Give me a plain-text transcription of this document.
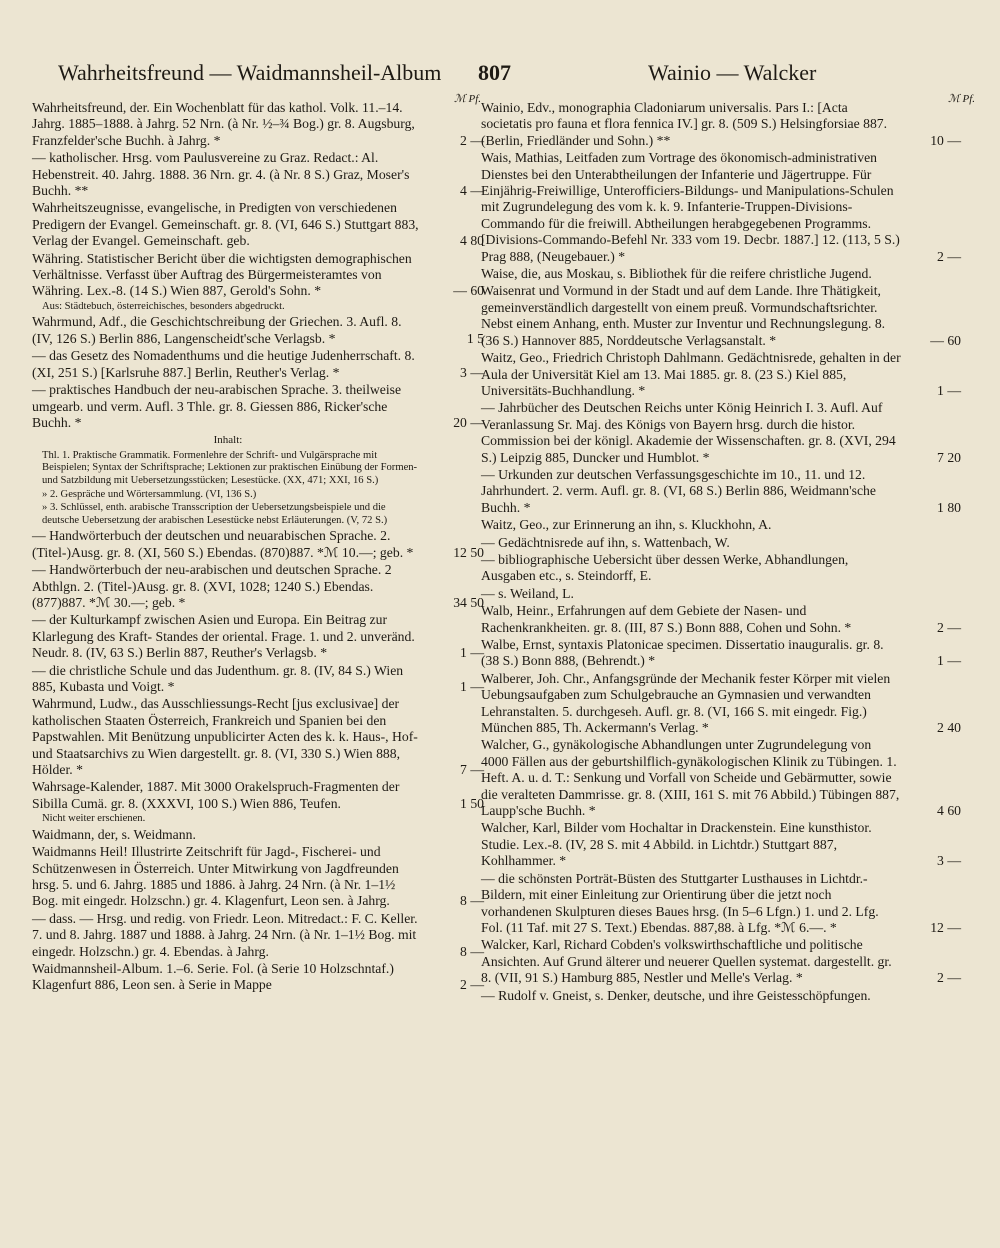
Wahrheitsfreund — Waidmannsheil-Album 807	Wainio — Walcker
ℳ Pf.	ℳ Pf.
Wahrheitsfreund, der. Ein Wochenblatt für das kathol. Volk. 11.–14. Jahrg. 1885–1888. à Jahrg. 52 Nrn. (à Nr. ½–¾ Bog.) gr. 8. Augsburg, Franzfelder'sche Buchh. à Jahrg. *	2 —
— katholischer. Hrsg. vom Paulusvereine zu Graz. Redact.: Al. Hebenstreit. 40. Jahrg. 1888. 36 Nrn. gr. 4. (à Nr. 8 S.) Graz, Moser's Buchh. **	4 —
Wahrheitszeugnisse, evangelische, in Predigten von verschiedenen Predigern der Evangel. Gemeinschaft. gr. 8. (VI, 646 S.) Stuttgart 883, Verlag der Evangel. Gemeinschaft. geb.	4 80
Währing. Statistischer Bericht über die wichtigsten demographischen Verhältnisse. Verfasst über Auftrag des Bürgermeisteramtes von Währing. Lex.-8. (14 S.) Wien 887, Gerold's Sohn. *	— 60
Aus: Städtebuch, österreichisches, besonders abgedruckt.
Wahrmund, Adf., die Geschichtschreibung der Griechen. 3. Aufl. 8. (IV, 126 S.) Berlin 886, Langenscheidt'sche Verlagsb. *	1 5
— das Gesetz des Nomadenthums und die heutige Judenherrschaft. 8. (XI, 251 S.) [Karlsruhe 887.] Berlin, Reuther's Verlag. *	3 —
— praktisches Handbuch der neu-arabischen Sprache. 3. theilweise umgearb. und verm. Aufl. 3 Thle. gr. 8. Giessen 886, Ricker'sche Buchh. *	20 —
Inhalt:
Thl. 1. Praktische Grammatik. Formenlehre der Schrift- und Vulgärsprache mit Beispielen; Syntax der Schriftsprache; Lektionen zur praktischen Einübung der Formen- und Satzbildung mit Uebersetzungsstücken; Lesestücke. (XX, 471; XXI, 16 S.)
» 2. Gespräche und Wörtersammlung. (VI, 136 S.)
» 3. Schlüssel, enth. arabische Transscription der Uebersetzungsbeispiele und die deutsche Uebersetzung der arabischen Lesestücke nebst Erläuterungen. (V, 72 S.)
— Handwörterbuch der deutschen und neuarabischen Sprache. 2. (Titel-)Ausg. gr. 8. (XI, 560 S.) Ebendas. (870)887. *ℳ 10.—; geb. *	12 50
— Handwörterbuch der neu-arabischen und deutschen Sprache. 2 Abthlgn. 2. (Titel-)Ausg. gr. 8. (XVI, 1028; 1240 S.) Ebendas. (877)887. *ℳ 30.—; geb. *	34 50
— der Kulturkampf zwischen Asien und Europa. Ein Beitrag zur Klarlegung des Kraft- Standes der oriental. Frage. 1. und 2. unveränd. Neudr. 8. (IV, 63 S.) Berlin 887, Reuther's Verlagsb. *	1 —
— die christliche Schule und das Judenthum. gr. 8. (IV, 84 S.) Wien 885, Kubasta und Voigt. *	1 —
Wahrmund, Ludw., das Ausschliessungs-Recht [jus exclusivae] der katholischen Staaten Österreich, Frankreich und Spanien bei den Papstwahlen. Mit Benützung unpublicirter Acten des k. k. Haus-, Hof- und Staatsarchivs zu Wien dargestellt. gr. 8. (VI, 330 S.) Wien 888, Hölder. *	7 —
Wahrsage-Kalender, 1887. Mit 3000 Orakelspruch-Fragmenten der Sibilla Cumä. gr. 8. (XXXVI, 100 S.) Wien 886, Teufen.	1 50
Nicht weiter erschienen.
Waidmann, der, s. Weidmann.
Waidmanns Heil! Illustrirte Zeitschrift für Jagd-, Fischerei- und Schützenwesen in Österreich. Unter Mitwirkung von Jagdfreunden hrsg. 5. und 6. Jahrg. 1885 und 1886. à Jahrg. 24 Nrn. (à Nr. 1–1½ Bog. mit eingedr. Holzschn.) gr. 4. Klagenfurt, Leon sen. à Jahrg.	8 —
— dass. — Hrsg. und redig. von Friedr. Leon. Mitredact.: F. C. Keller. 7. und 8. Jahrg. 1887 und 1888. à Jahrg. 24 Nrn. (à Nr. 1–1½ Bog. mit eingedr. Holzschn.) gr. 4. Ebendas. à Jahrg.	8 —
Waidmannsheil-Album. 1.–6. Serie. Fol. (à Serie 10 Holzschntaf.) Klagenfurt 886, Leon sen. à Serie in Mappe	2 —
Wainio, Edv., monographia Cladoniarum universalis. Pars I.: [Acta societatis pro fauna et flora fennica IV.] gr. 8. (509 S.) Helsingforsiae 887. (Berlin, Friedländer und Sohn.) **	10 —
Wais, Mathias, Leitfaden zum Vortrage des ökonomisch-administrativen Dienstes bei den Unterabtheilungen der Infanterie und Jägertruppe. Für Einjährig-Freiwillige, Unterofficiers-Bildungs- und Manipulations-Schulen mit Zugrundelegung des vom k. k. 9. Infanterie-Truppen-Divisions-Commando für die freiwill. Abtheilungen herabgegebenen Programms. [Divisions-Commando-Befehl Nr. 333 vom 19. Decbr. 1887.] 12. (113, 5 S.) Prag 888, (Neugebauer.) *	2 —
Waise, die, aus Moskau, s. Bibliothek für die reifere christliche Jugend.
Waisenrat und Vormund in der Stadt und auf dem Lande. Ihre Thätigkeit, gemeinverständlich dargestellt von einem preuß. Vormundschaftsrichter. Nebst einem Anhang, enth. Muster zur Inventur und Rechnungslegung. 8. (36 S.) Hannover 885, Norddeutsche Verlagsanstalt. *	— 60
Waitz, Geo., Friedrich Christoph Dahlmann. Gedächtnisrede, gehalten in der Aula der Universität Kiel am 13. Mai 1885. gr. 8. (23 S.) Kiel 885, Universitäts-Buchhandlung. *	1 —
— Jahrbücher des Deutschen Reichs unter König Heinrich I. 3. Aufl. Auf Veranlassung Sr. Maj. des Königs von Bayern hrsg. durch die histor. Commission bei der königl. Akademie der Wissenschaften. gr. 8. (XVI, 294 S.) Leipzig 885, Duncker und Humblot. *	7 20
— Urkunden zur deutschen Verfassungsgeschichte im 10., 11. und 12. Jahrhundert. 2. verm. Aufl. gr. 8. (VI, 68 S.) Berlin 886, Weidmann'sche Buchh. *	1 80
Waitz, Geo., zur Erinnerung an ihn, s. Kluckhohn, A.
— Gedächtnisrede auf ihn, s. Wattenbach, W.
— bibliographische Uebersicht über dessen Werke, Abhandlungen, Ausgaben etc., s. Steindorff, E.
— s. Weiland, L.
Walb, Heinr., Erfahrungen auf dem Gebiete der Nasen- und Rachenkrankheiten. gr. 8. (III, 87 S.) Bonn 888, Cohen und Sohn. *	2 —
Walbe, Ernst, syntaxis Platonicae specimen. Dissertatio inauguralis. gr. 8. (38 S.) Bonn 888, (Behrendt.) *	1 —
Walberer, Joh. Chr., Anfangsgründe der Mechanik fester Körper mit vielen Uebungsaufgaben zum Schulgebrauche an Gymnasien und verwandten Lehranstalten. 5. durchgeseh. Aufl. gr. 8. (VI, 166 S. mit eingedr. Fig.) München 885, Th. Ackermann's Verlag. *	2 40
Walcher, G., gynäkologische Abhandlungen unter Zugrundelegung von 4000 Fällen aus der geburtshilflich-gynäkologischen Klinik zu Tübingen. 1. Heft. A. u. d. T.: Senkung und Vorfall von Scheide und Gebärmutter, sowie die veralteten Dammrisse. gr. 8. (XIII, 161 S. mit 76 Abbild.) Tübingen 887, Laupp'sche Buchh. *	4 60
Walcher, Karl, Bilder vom Hochaltar in Drackenstein. Eine kunsthistor. Studie. Lex.-8. (IV, 28 S. mit 4 Abbild. in Lichtdr.) Stuttgart 887, Kohlhammer. *	3 —
— die schönsten Porträt-Büsten des Stuttgarter Lusthauses in Lichtdr.-Bildern, mit einer Einleitung zur Orientirung über die jetzt noch vorhandenen Skulpturen dieses Baues hrsg. (In 5–6 Lfgn.) 1. und 2. Lfg. Fol. (11 Taf. mit 27 S. Text.) Ebendas. 887,88. à Lfg. *ℳ 6.—. *	12 —
Walcker, Karl, Richard Cobden's volkswirthschaftliche und politische Ansichten. Auf Grund älterer und neuerer Quellen systemat. dargestellt. gr. 8. (VII, 91 S.) Hamburg 885, Nestler und Melle's Verlag. *	2 —
— Rudolf v. Gneist, s. Denker, deutsche, und ihre Geistesschöpfungen.
